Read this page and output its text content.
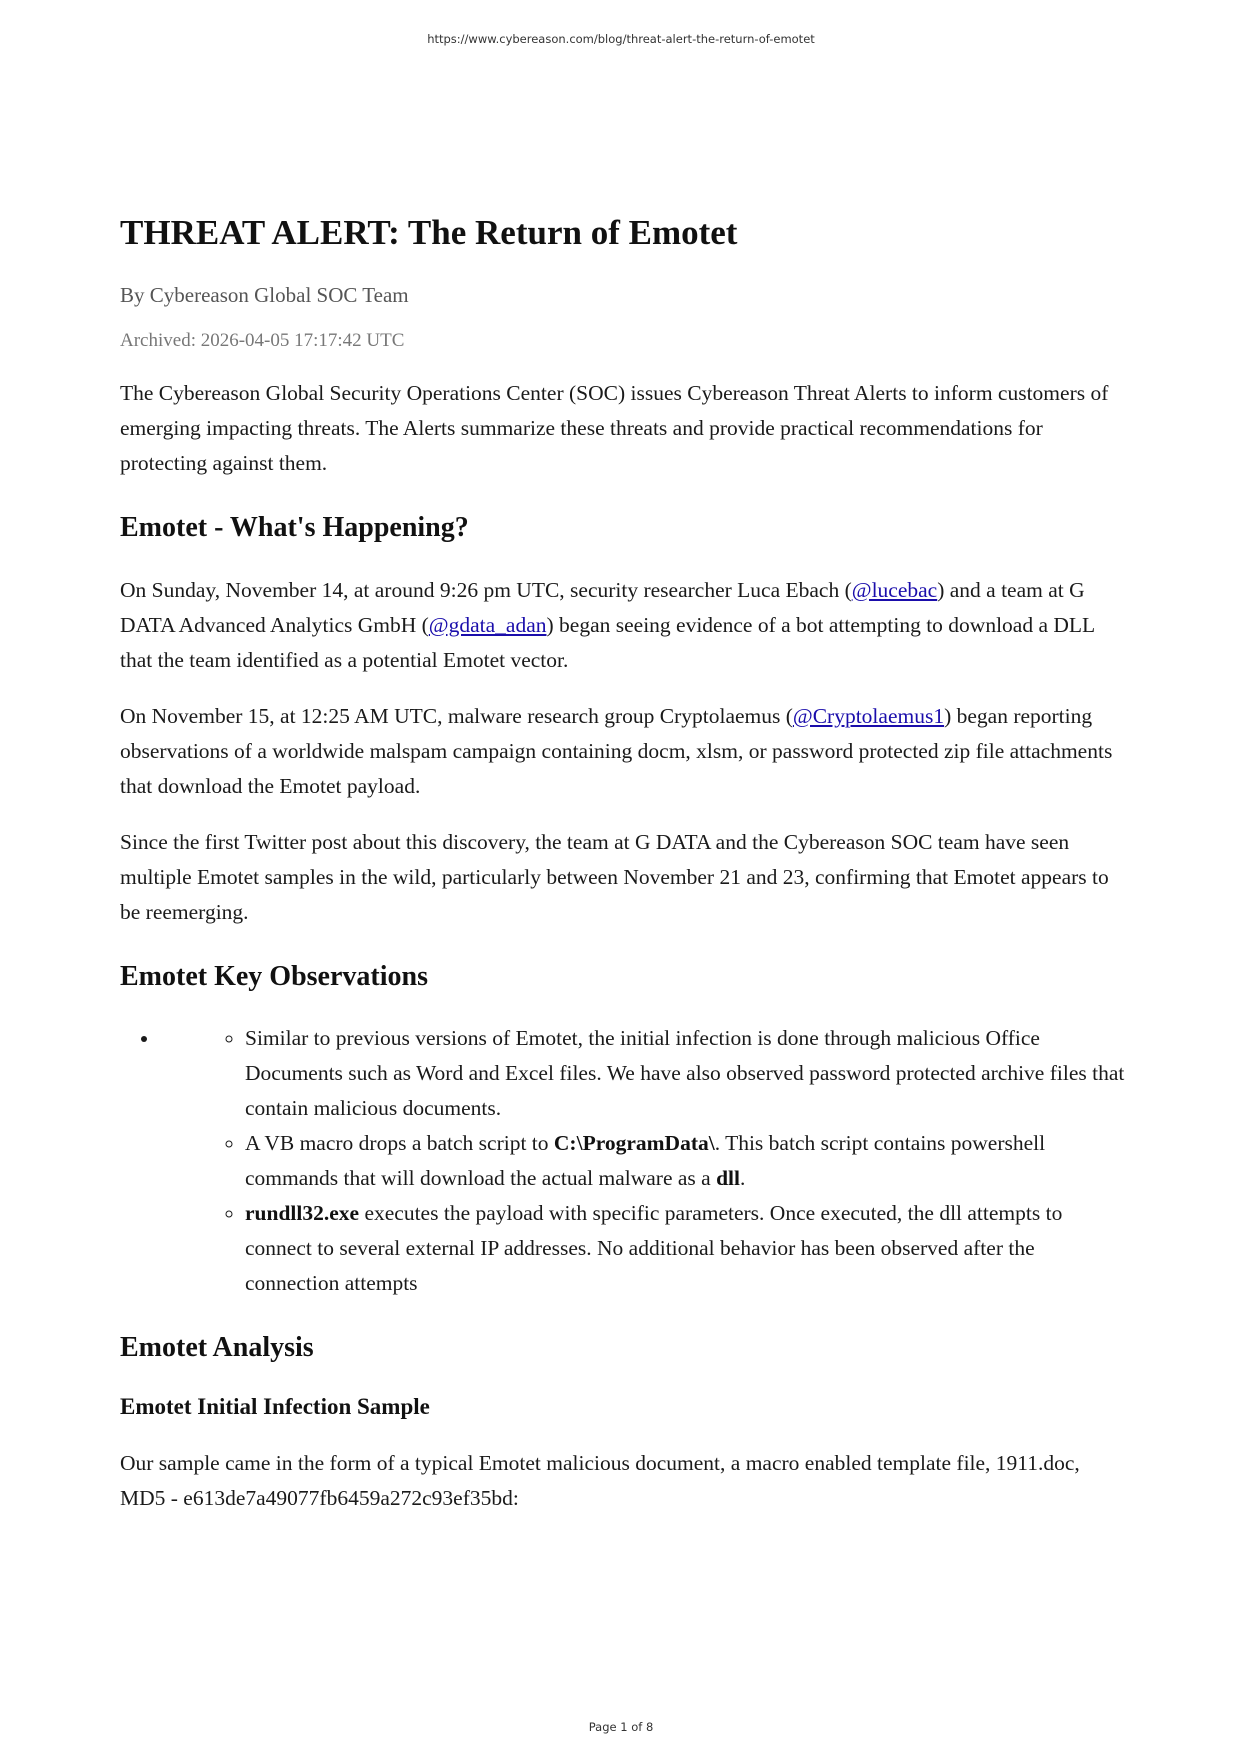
https://www.cybereason.com/blog/threat-alert-the-return-of-emotet
THREAT ALERT: The Return of Emotet
By Cybereason Global SOC Team
Archived: 2026-04-05 17:17:42 UTC

The Cybereason Global Security Operations Center (SOC) issues Cybereason Threat Alerts to inform customers of emerging impacting threats. The Alerts summarize these threats and provide practical recommendations for protecting against them.

Emotet - What's Happening?

On Sunday, November 14, at around 9:26 pm UTC, security researcher Luca Ebach (@lucebac) and a team at G DATA Advanced Analytics GmbH (@gdata_adan) began seeing evidence of a bot attempting to download a DLL that the team identified as a potential Emotet vector.

On November 15, at 12:25 AM UTC, malware research group Cryptolaemus (@Cryptolaemus1) began reporting observations of a worldwide malspam campaign containing docm, xlsm, or password protected zip file attachments that download the Emotet payload.

Since the first Twitter post about this discovery, the team at G DATA and the Cybereason SOC team have seen multiple Emotet samples in the wild, particularly between November 21 and 23, confirming that Emotet appears to be reemerging.

Emotet Key Observations
◦ • Similar to previous versions of Emotet, the initial infection is done through malicious Office Documents such as Word and Excel files. We have also observed password protected archive files that contain malicious documents.
◦ A VB macro drops a batch script to C:\ProgramData\. This batch script contains powershell commands that will download the actual malware as a dll.
◦ rundll32.exe executes the payload with specific parameters. Once executed, the dll attempts to connect to several external IP addresses. No additional behavior has been observed after the connection attempts
Emotet Analysis
Emotet Initial Infection Sample

Our sample came in the form of a typical Emotet malicious document, a macro enabled template file, 1911.doc, MD5 - e613de7a49077fb6459a272c93ef35bd:

Page 1 of 8
